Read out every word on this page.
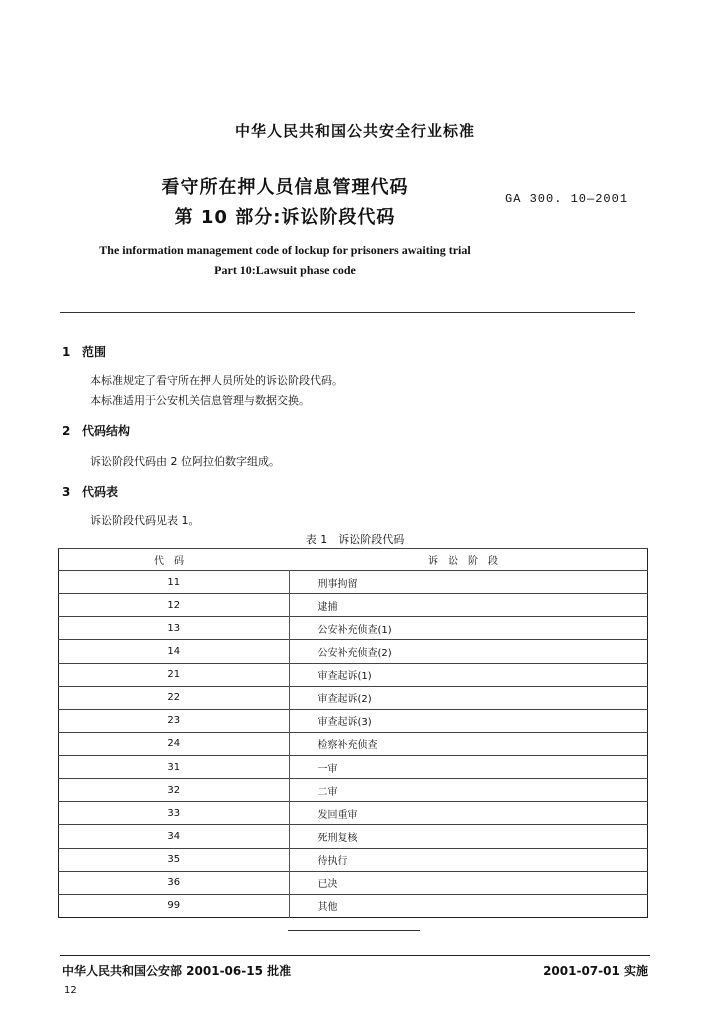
中华人民共和国公共安全行业标准
看守所在押人员信息管理代码
第 10 部分:诉讼阶段代码
GA 300. 10—2001
The information management code of lockup for prisoners awaiting trial
Part 10:Lawsuit phase code
1 范围
本标准规定了看守所在押人员所处的诉讼阶段代码。
本标准适用于公安机关信息管理与数据交换。
2 代码结构
诉讼阶段代码由 2 位阿拉伯数字组成。
3 代码表
诉讼阶段代码见表 1。
表 1　诉讼阶段代码
代码	诉讼阶段
11	刑事拘留
12	逮捕
13	公安补充侦查(1)
14	公安补充侦查(2)
21	审查起诉(1)
22	审查起诉(2)
23	审查起诉(3)
24	检察补充侦查
31	一审
32	二审
33	发回重审
34	死刑复核
35	待执行
36	已决
99	其他
中华人民共和国公安部 2001-06-15 批准	2001-07-01 实施
12
